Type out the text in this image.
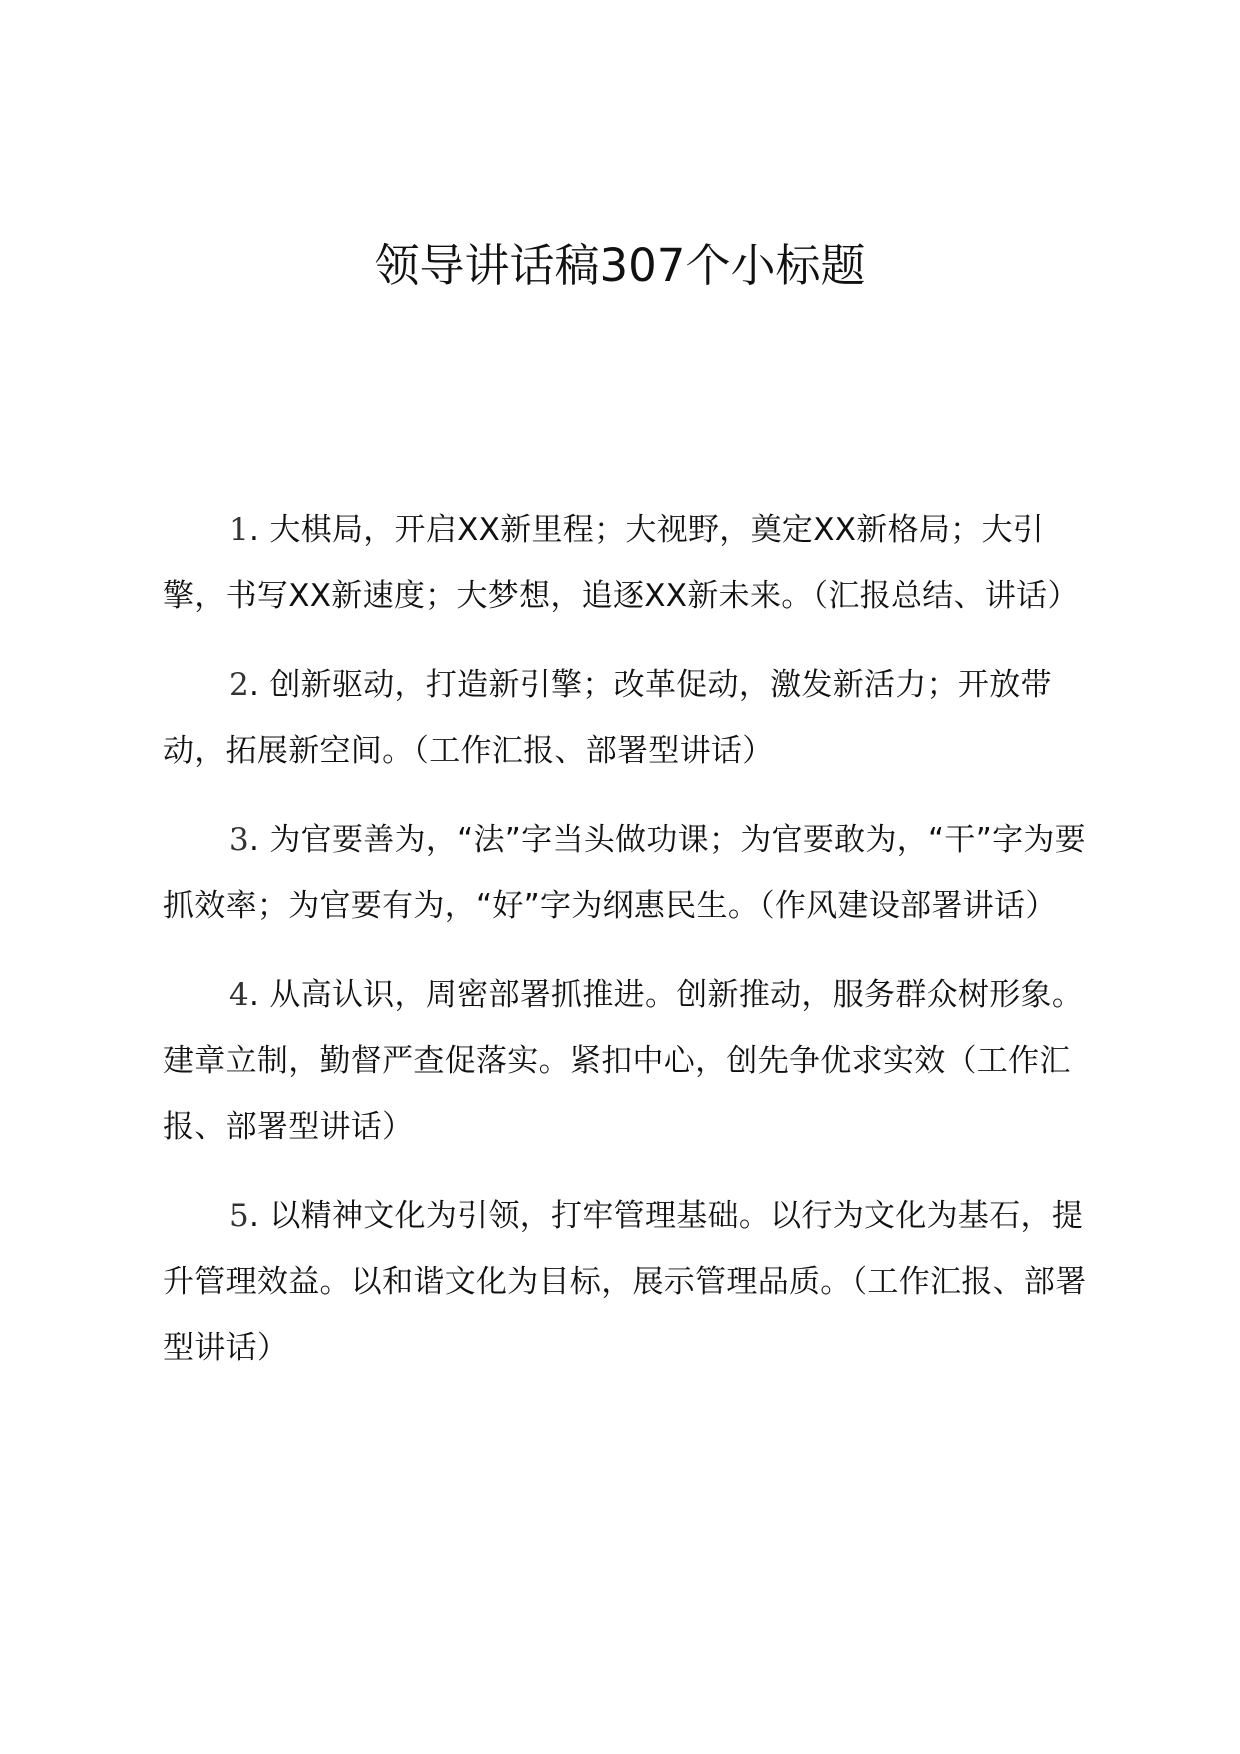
领导讲话稿307个小标题

1. 大棋局，开启XX新里程；大视野，奠定XX新格局；大引擎，书写XX新速度；大梦想，追逐XX新未来。（汇报总结、讲话）

2. 创新驱动，打造新引擎；改革促动，激发新活力；开放带动，拓展新空间。（工作汇报、部署型讲话）

3. 为官要善为，“法”字当头做功课；为官要敢为，“干”字为要抓效率；为官要有为，“好”字为纲惠民生。（作风建设部署讲话）

4. 从高认识，周密部署抓推进。创新推动，服务群众树形象。建章立制，勤督严查促落实。紧扣中心，创先争优求实效（工作汇报、部署型讲话）

5. 以精神文化为引领，打牢管理基础。以行为文化为基石，提升管理效益。以和谐文化为目标，展示管理品质。（工作汇报、部署型讲话）
